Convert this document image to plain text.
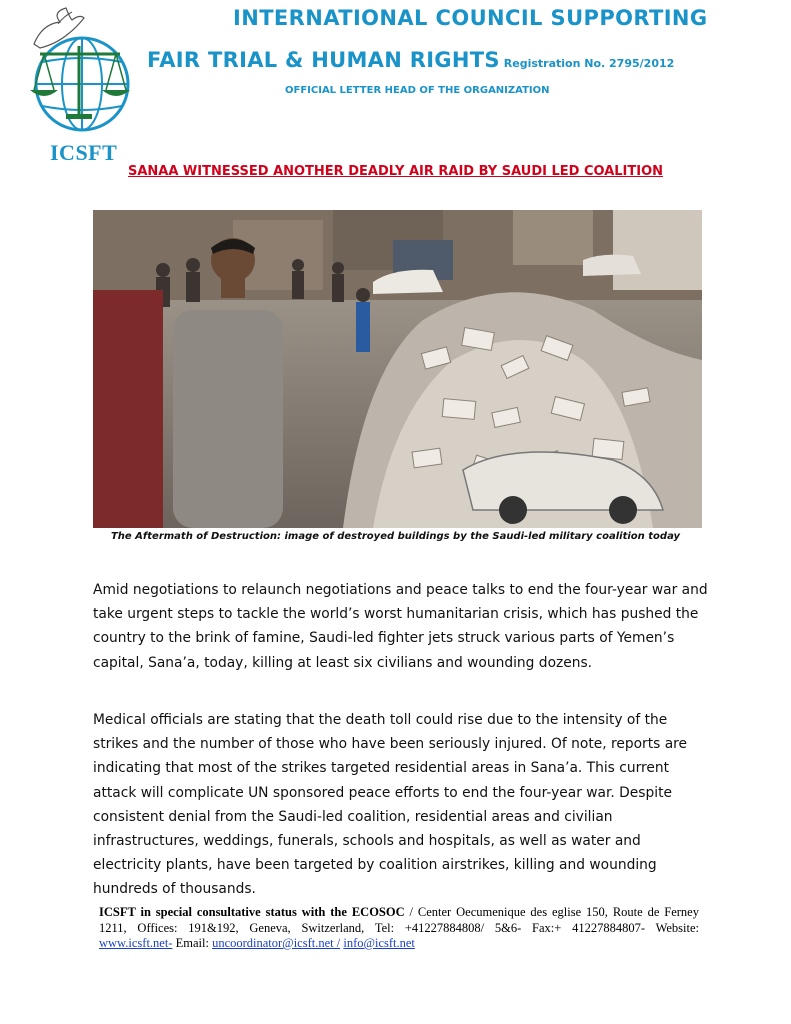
ICSFT
INTERNATIONAL COUNCIL SUPPORTING
FAIR TRIAL & HUMAN RIGHTS Registration No. 2795/2012
OFFICIAL LETTER HEAD OF THE ORGANIZATION
SANAA WITNESSED ANOTHER DEADLY AIR RAID BY SAUDI LED COALITION
The Aftermath of Destruction: image of destroyed buildings by the Saudi-led military coalition today

Amid negotiations to relaunch negotiations and peace talks to end the four-year war and take urgent steps to tackle the world’s worst humanitarian crisis, which has pushed the country to the brink of famine, Saudi-led fighter jets struck various parts of Yemen’s capital, Sana’a, today, killing at least six civilians and wounding dozens.

Medical officials are stating that the death toll could rise due to the intensity of the strikes and the number of those who have been seriously injured. Of note, reports are indicating that most of the strikes targeted residential areas in Sana’a. This current attack will complicate UN sponsored peace efforts to end the four-year war. Despite consistent denial from the Saudi-led coalition, residential areas and civilian infrastructures, weddings, funerals, schools and hospitals, as well as water and electricity plants, have been targeted by coalition airstrikes, killing and wounding hundreds of thousands.

ICSFT in special consultative status with the ECOSOC / Center Oecumenique des eglise 150, Route de Ferney 1211, Offices: 191&192, Geneva, Switzerland, Tel: +41227884808/ 5&6- Fax:+ 41227884807- Website: www.icsft.net- Email: uncoordinator@icsft.net / info@icsft.net
